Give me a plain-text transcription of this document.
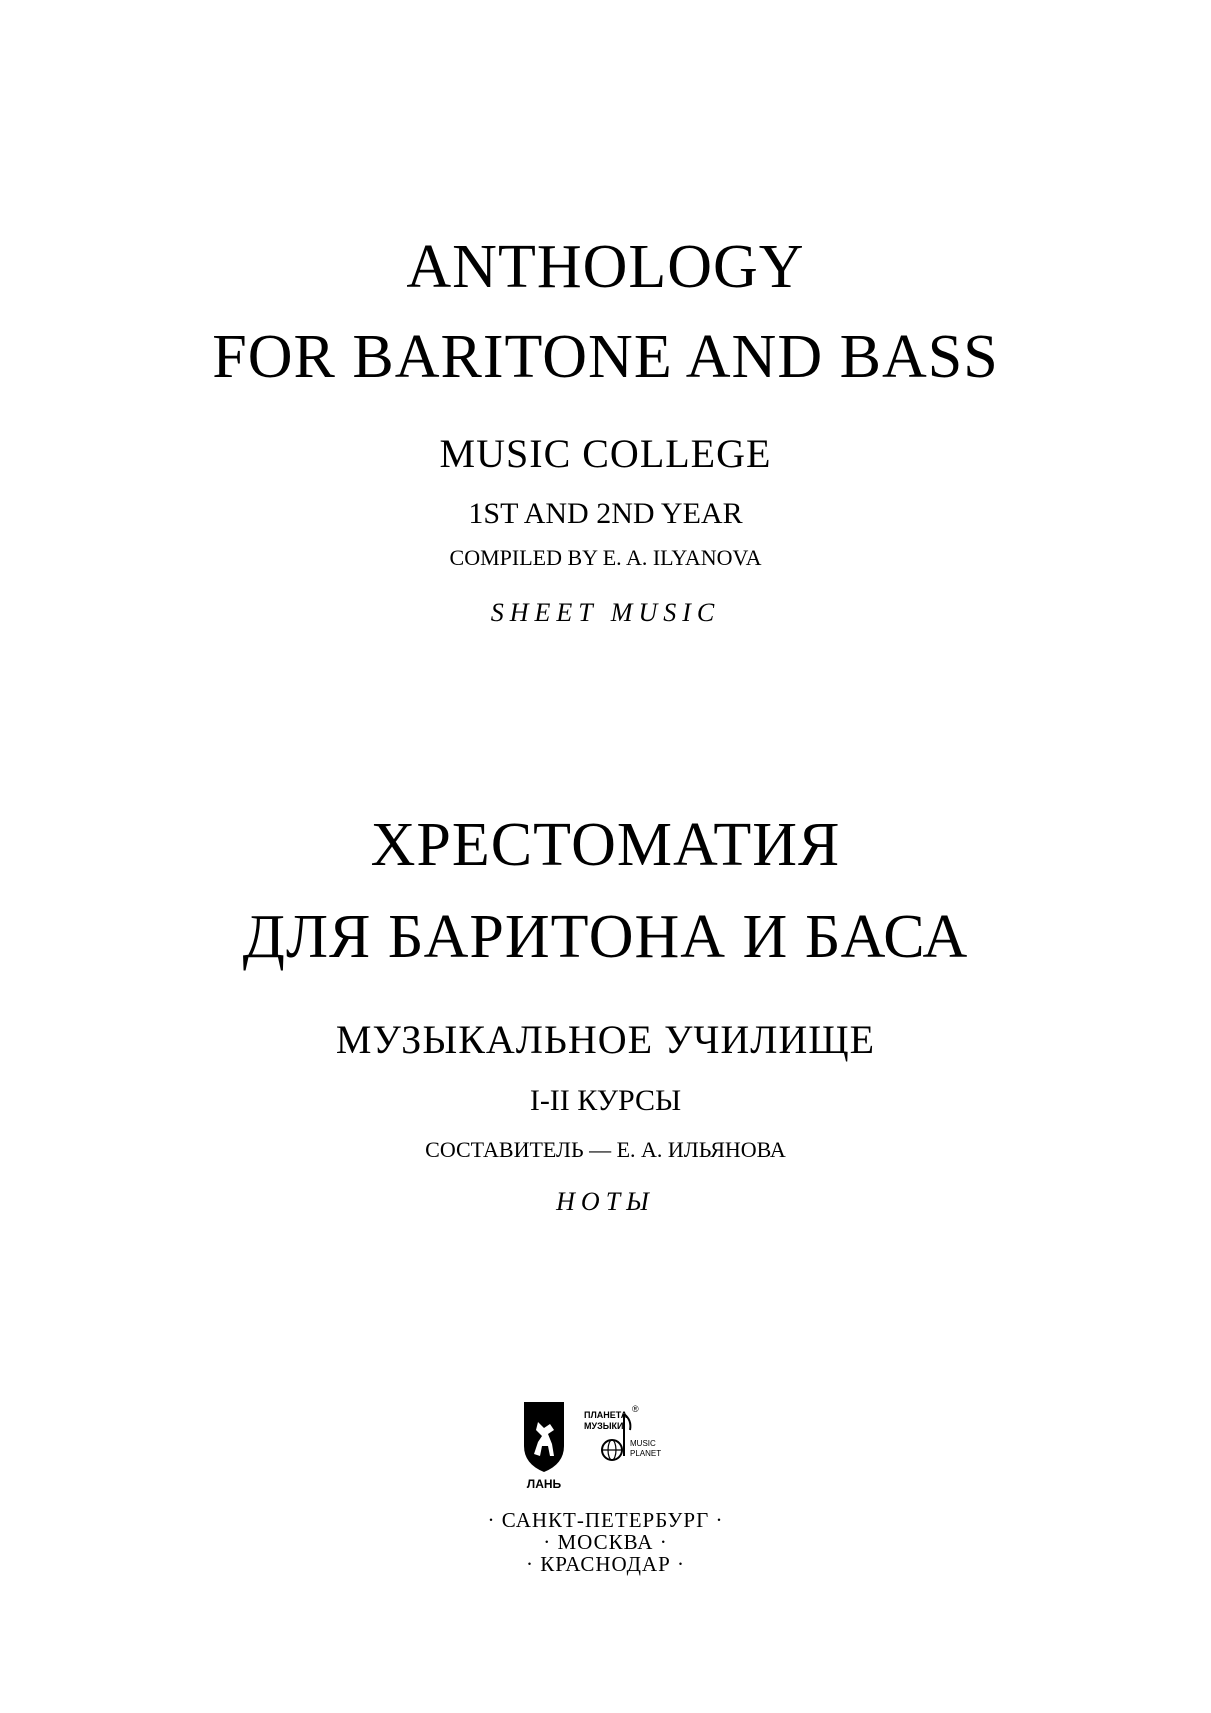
ANTHOLOGY
FOR BARITONE AND BASS
MUSIC COLLEGE
1ST AND 2ND YEAR
COMPILED BY E. A. ILYANOVA
SHEET MUSIC
ХРЕСТОМАТИЯ
ДЛЯ БАРИТОНА И БАСА
МУЗЫКАЛЬНОЕ УЧИЛИЩЕ
I-II КУРСЫ
СОСТАВИТЕЛЬ — Е. А. ИЛЬЯНОВА
НОТЫ
ЛАНЬ
ПЛАНЕТА
МУЗЫКИ
®
MUSIC
PLANET
· САНКТ-ПЕТЕРБУРГ ·
· МОСКВА ·
· КРАСНОДАР ·
